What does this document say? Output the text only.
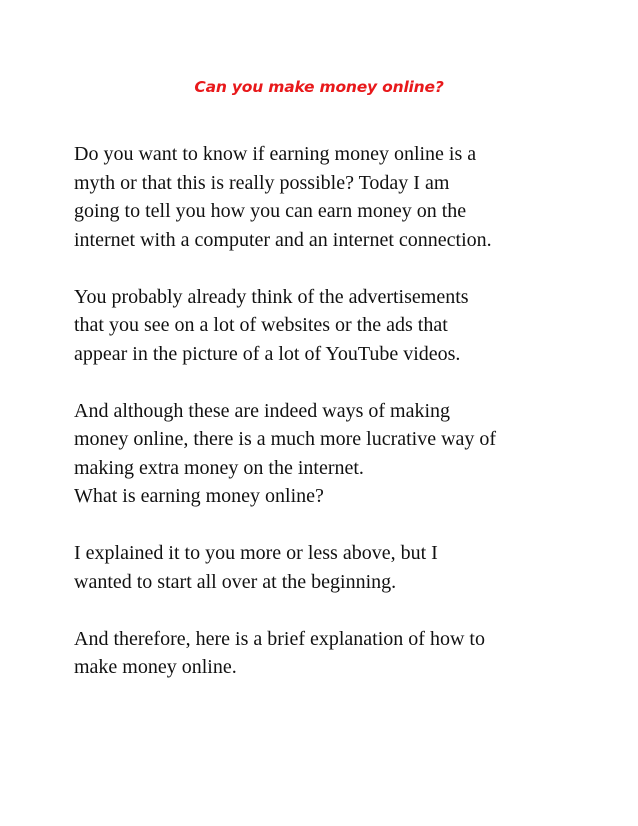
Can you make money online?

Do you want to know if earning money online is a
myth or that this is really possible? Today I am
going to tell you how you can earn money on the
internet with a computer and an internet connection.

You probably already think of the advertisements
that you see on a lot of websites or the ads that
appear in the picture of a lot of YouTube videos.

And although these are indeed ways of making
money online, there is a much more lucrative way of
making extra money on the internet.
What is earning money online?

I explained it to you more or less above, but I
wanted to start all over at the beginning.

And therefore, here is a brief explanation of how to
make money online.
